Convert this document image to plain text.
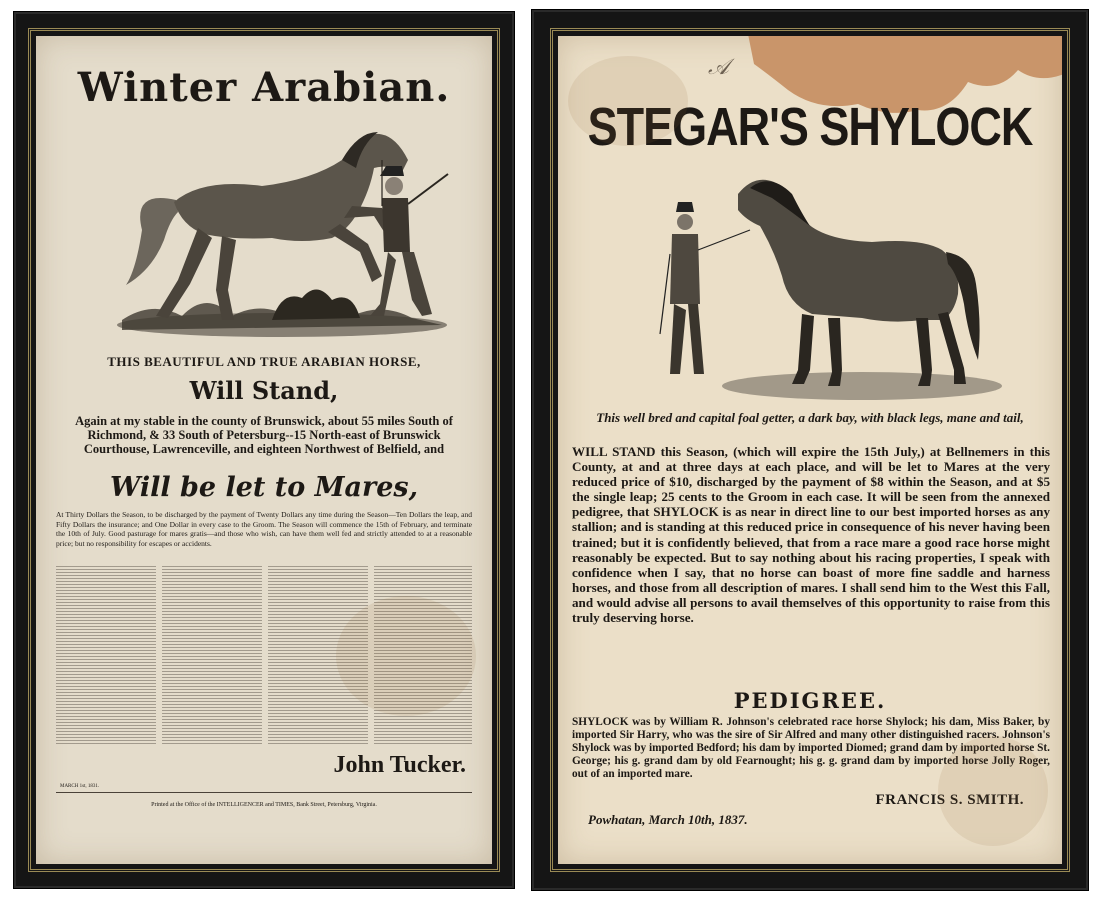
Winter Arabian.
THIS BEAUTIFUL AND TRUE ARABIAN HORSE,
Will Stand,
Again at my stable in the county of Brunswick, about 55 miles South of Richmond, & 33 South of Petersburg--15 North-east of Brunswick Courthouse, Lawrenceville, and eighteen Northwest of Belfield, and
Will be let to Mares,
At Thirty Dollars the Season, to be discharged by the payment of Twenty Dollars any time during the Season—Ten Dollars the leap, and Fifty Dollars the insurance; and One Dollar in every case to the Groom. The Season will commence the 15th of February, and terminate the 10th of July. Good pasturage for mares gratis—and those who wish, can have them well fed and strictly attended to at a reasonable price; but no responsibility for escapes or accidents.
John Tucker.
MARCH 1st, 1831.
Printed at the Office of the INTELLIGENCER and TIMES, Bank Street, Petersburg, Virginia.
𝒜
STEGAR'S SHYLOCK
This well bred and capital foal getter, a dark bay, with black legs, mane and tail,
WILL STAND this Season, (which will expire the 15th July,) at Bellnemers in this County, at and at three days at each place, and will be let to Mares at the very reduced price of $10, discharged by the payment of $8 within the Season, and at $5 the single leap; 25 cents to the Groom in each case. It will be seen from the annexed pedigree, that SHYLOCK is as near in direct line to our best imported horses as any stallion; and is standing at this reduced price in consequence of his never having been trained; but it is confidently believed, that from a race mare a good race horse might reasonably be expected. But to say nothing about his racing properties, I speak with confidence when I say, that no horse can boast of more fine saddle and harness horses, and those from all description of mares. I shall send him to the West this Fall, and would advise all persons to avail themselves of this opportunity to raise from this truly deserving horse.
PEDIGREE.
SHYLOCK was by William R. Johnson's celebrated race horse Shylock; his dam, Miss Baker, by imported Sir Harry, who was the sire of Sir Alfred and many other distinguished racers. Johnson's Shylock was by imported Bedford; his dam by imported Diomed; grand dam by imported horse St. George; his g. grand dam by old Fearnought; his g. g. grand dam by imported horse Jolly Roger, out of an imported mare.
FRANCIS S. SMITH.
Powhatan, March 10th, 1837.
